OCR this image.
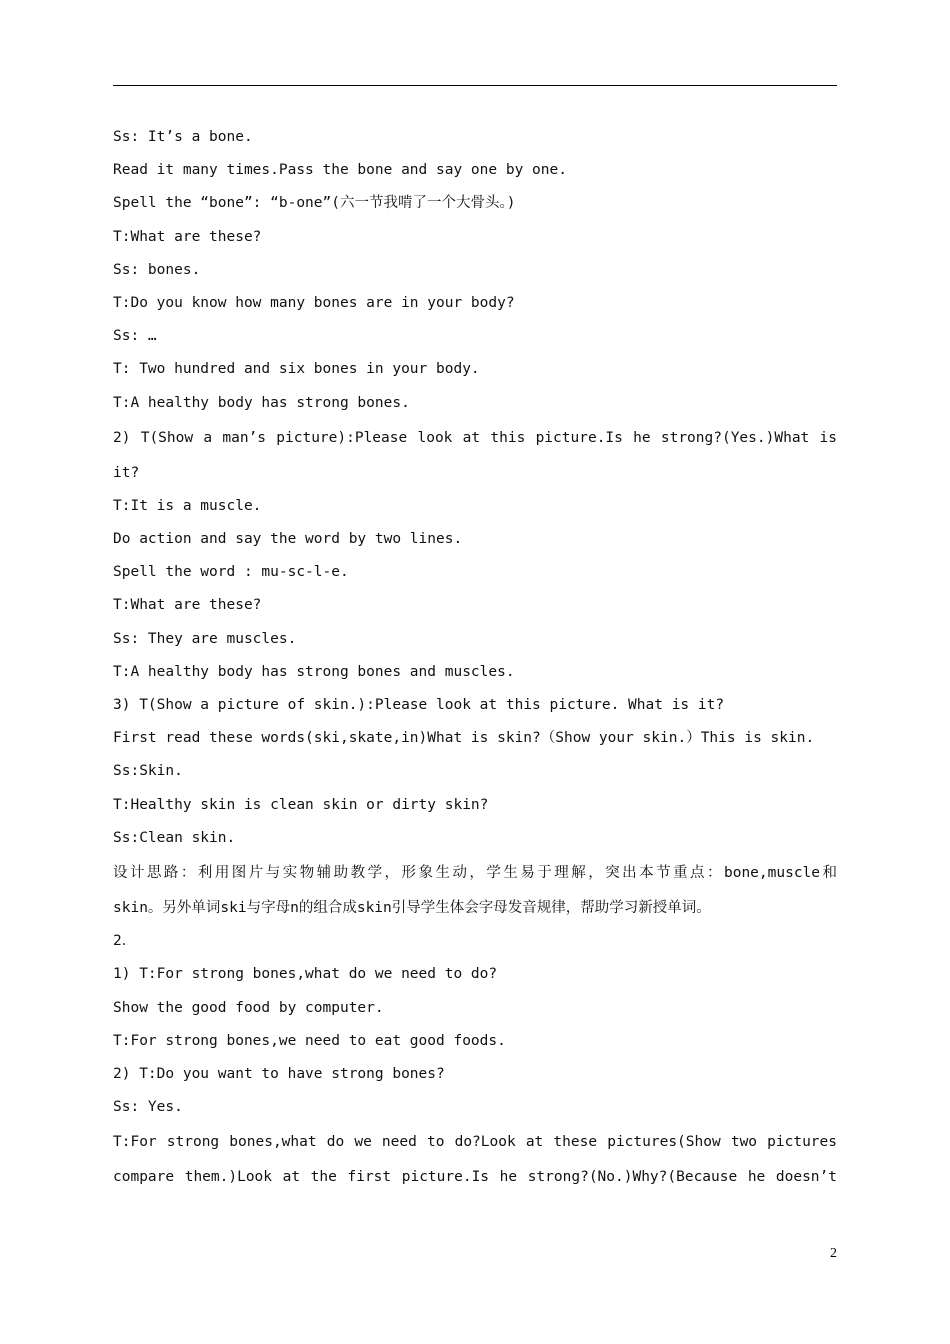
Ss: It’s a bone.
Read it many times.Pass the bone and say one by one.
Spell the “bone”: “b-one”(六一节我啃了一个大骨头。)
T:What are these?
Ss: bones.
T:Do you know how many bones are in your body?
Ss: …
T: Two hundred and six bones in your body.
T:A healthy body has strong bones.
2) T(Show a man’s picture):Please look at this picture.Is he strong?(Yes.)What is
it?
T:It is a muscle.
Do action and say the word by two lines.
Spell the word : mu-sc-l-e.
T:What are these?
Ss: They are muscles.
T:A healthy body has strong bones and muscles.
3) T(Show a picture of skin.):Please look at this picture. What is it?
First read these words(ski,skate,in)What is skin?（Show your skin.）This is skin.
Ss:Skin.
T:Healthy skin is clean skin or dirty skin?
Ss:Clean skin.
设计思路：利用图片与实物辅助教学，形象生动，学生易于理解，突出本节重点：bone,muscle和
skin。另外单词ski与字母n的组合成skin引导学生体会字母发音规律，帮助学习新授单词。
2．
1) T:For strong bones,what do we need to do?
Show the good food by computer.
T:For strong bones,we need to eat good foods.
2) T:Do you want to have strong bones?
Ss: Yes.
T:For strong bones,what do we need to do?Look at these pictures(Show two pictures
compare them.)Look at the first picture.Is he strong?(No.)Why?(Because he doesn’t
2
